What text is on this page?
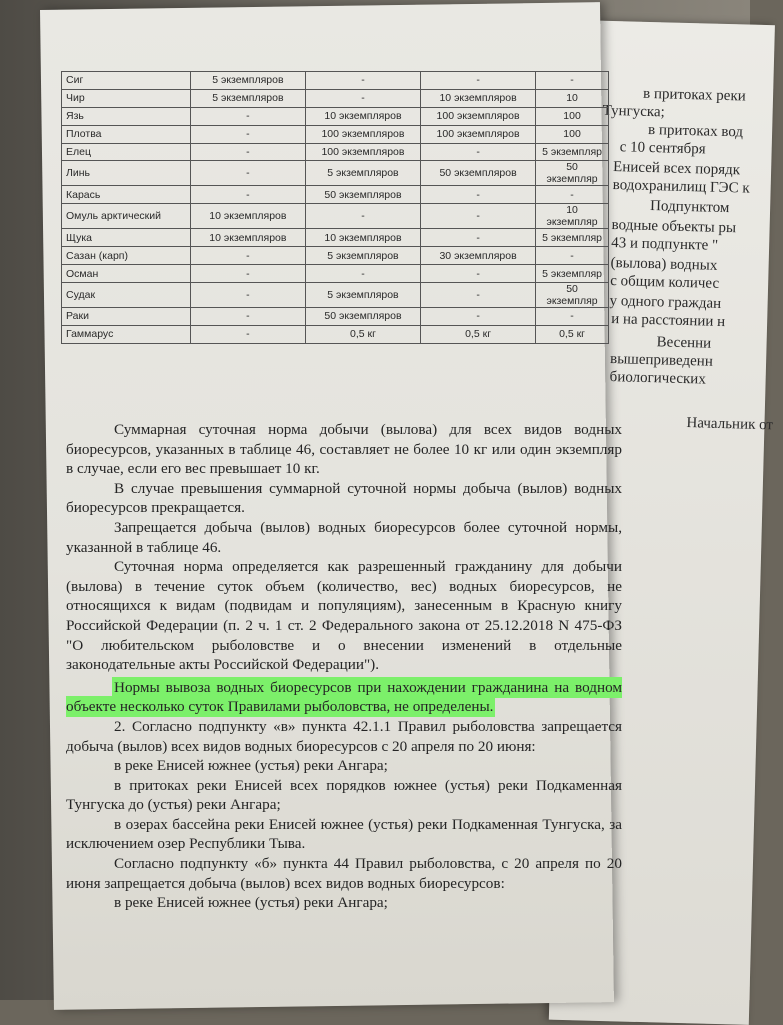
в притоках реки
Тунгуска;
в притоках вод
с 10 сентября
Енисей всех порядк
водохранилищ ГЭС к
Подпунктом
водные объекты ры
43 и подпункте "
(вылова) водных
с общим количес
у одного граждан
и на расстоянии н
Весенни
вышеприведенн
биологических
Начальник от
Сиг	5 экземпляров	-	-	-
Чир	5 экземпляров	-	10 экземпляров	10
Язь	-	10 экземпляров	100 экземпляров	100
Плотва	-	100 экземпляров	100 экземпляров	100
Елец	-	100 экземпляров	-	5 экземпляр
Линь	-	5 экземпляров	50 экземпляров	50 экземпляр
Карась	-	50 экземпляров	-	-
Омуль арктический	10 экземпляров	-	-	10 экземпляр
Щука	10 экземпляров	10 экземпляров	-	5 экземпляр
Сазан (карп)	-	5 экземпляров	30 экземпляров	-
Осман	-	-	-	5 экземпляр
Судак	-	5 экземпляров	-	50 экземпляр
Раки	-	50 экземпляров	-	-
Гаммарус	-	0,5 кг	0,5 кг	0,5 кг

Суммарная суточная норма добычи (вылова) для всех видов водных биоресурсов, указанных в таблице 46, составляет не более 10 кг или один экземпляр в случае, если его вес превышает 10 кг.

В случае превышения суммарной суточной нормы добыча (вылов) водных биоресурсов прекращается.

Запрещается добыча (вылов) водных биоресурсов более суточной нормы, указанной в таблице 46.

Суточная норма определяется как разрешенный гражданину для добычи (вылова) в течение суток объем (количество, вес) водных биоресурсов, не относящихся к видам (подвидам и популяциям), занесенным в Красную книгу Российской Федерации (п. 2 ч. 1 ст. 2 Федерального закона от 25.12.2018 N 475-ФЗ "О любительском рыболовстве и о внесении изменений в отдельные законодательные акты Российской Федерации").

Нормы вывоза водных биоресурсов при нахождении гражданина на водном объекте несколько суток Правилами рыболовства, не определены.

2. Согласно подпункту «в» пункта 42.1.1 Правил рыболовства запрещается добыча (вылов) всех видов водных биоресурсов с 20 апреля по 20 июня:

в реке Енисей южнее (устья) реки Ангара;

в притоках реки Енисей всех порядков южнее (устья) реки Подкаменная Тунгуска до (устья) реки Ангара;

в озерах бассейна реки Енисей южнее (устья) реки Подкаменная Тунгуска, за исключением озер Республики Тыва.

Согласно подпункту «б» пункта 44 Правил рыболовства, с 20 апреля по 20 июня запрещается добыча (вылов) всех видов водных биоресурсов:

в реке Енисей южнее (устья) реки Ангара;
